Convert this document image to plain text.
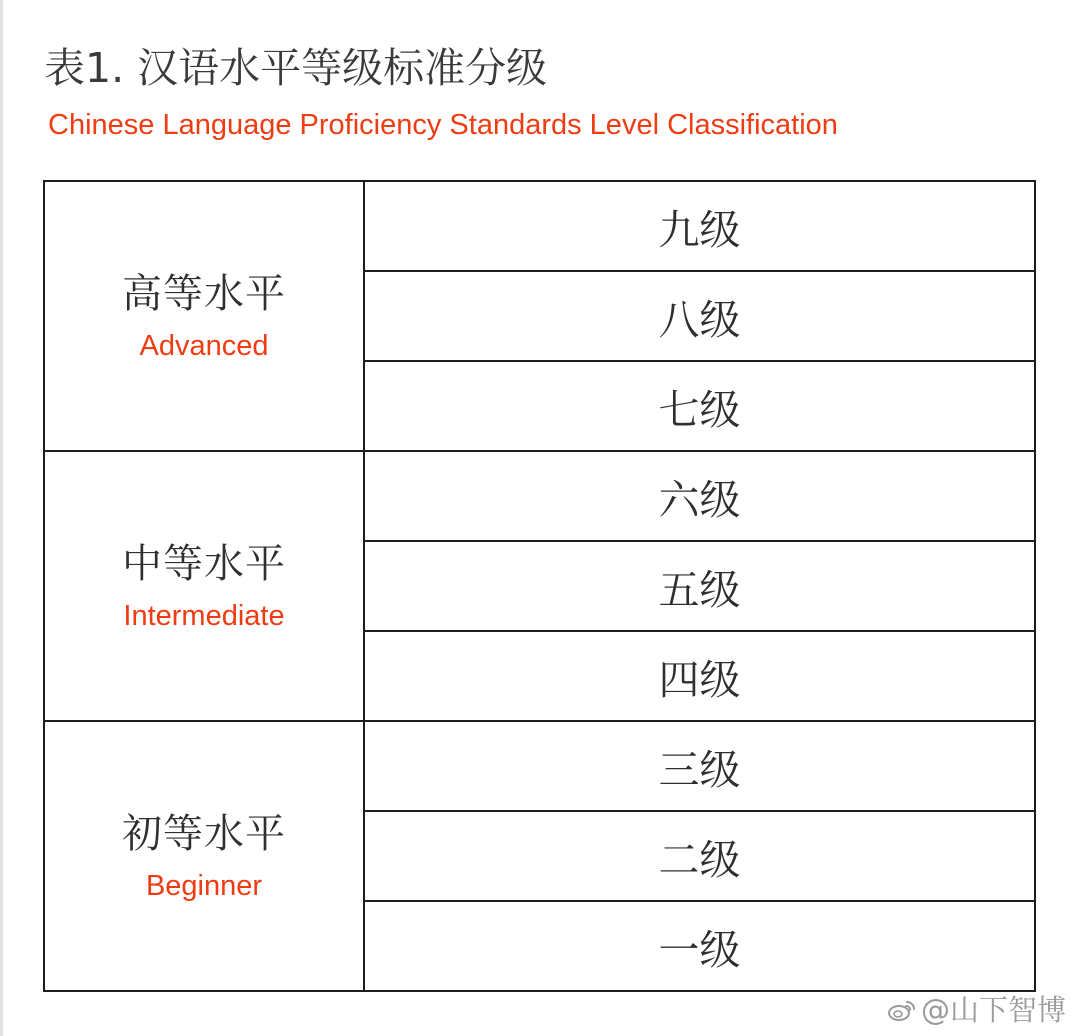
表1. 汉语水平等级标准分级
Chinese Language Proficiency Standards Level Classification
高等水平
Advanced	九级
	八级
	七级

中等水平
Intermediate	六级
	五级
	四级

初等水平
Beginner	三级
	二级
	一级
@山下智博
